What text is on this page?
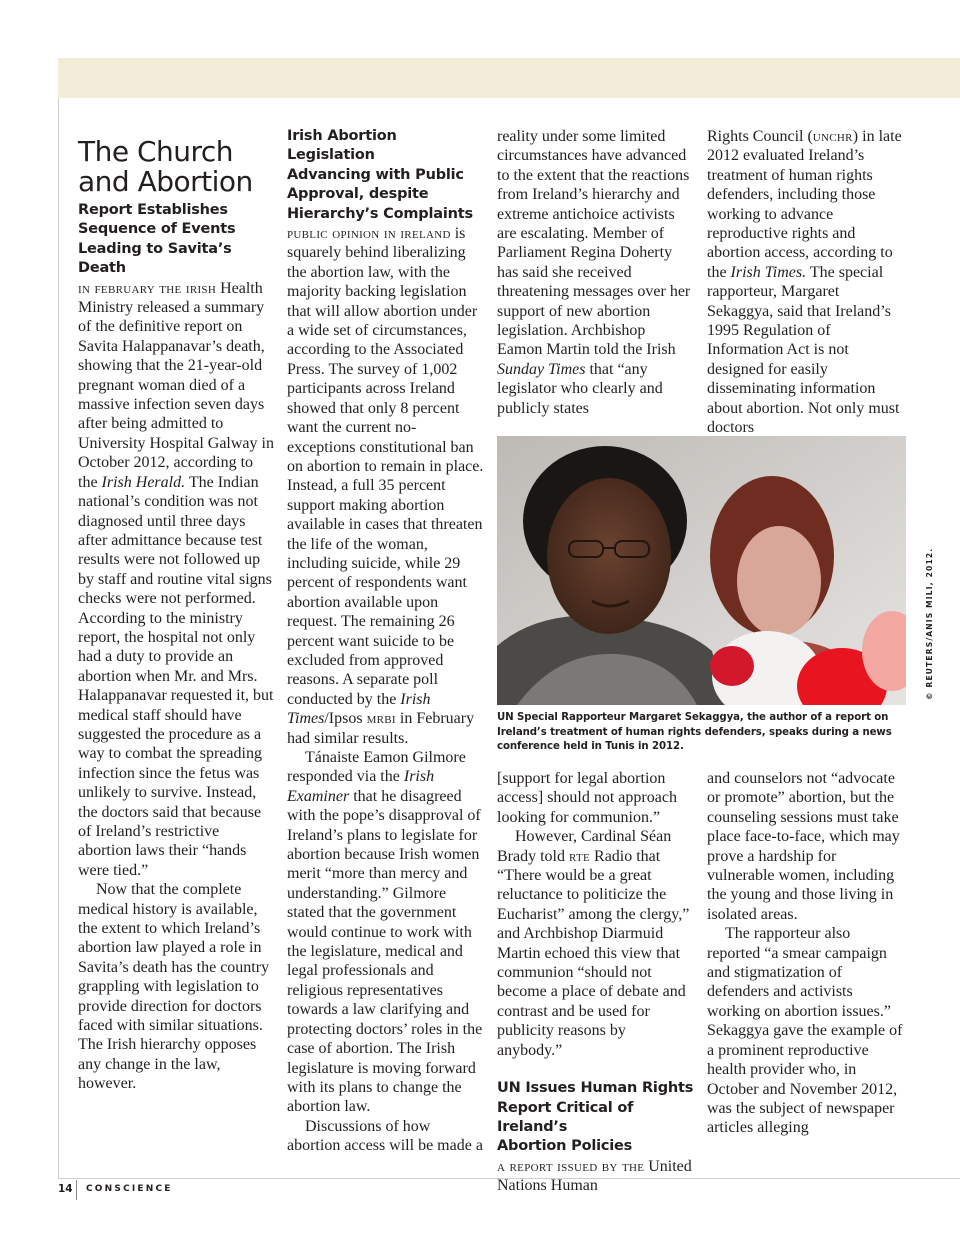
The Church
and Abortion
Report Establishes
Sequence of Events
Leading to Savita’s Death

in february the irish Health Ministry released a summary of the definitive report on Savita Halappanavar’s death, showing that the 21-year-old pregnant woman died of a massive infection seven days after being admitted to University Hospital Galway in October 2012, according to the Irish Herald. The Indian national’s condition was not diagnosed until three days after admittance because test results were not followed up by staff and routine vital signs checks were not performed. According to the ministry report, the hospital not only had a duty to provide an abortion when Mr. and Mrs. Halappanavar requested it, but medical staff should have suggested the procedure as a way to combat the spreading infection since the fetus was unlikely to survive. Instead, the doctors said that because of Ireland’s restrictive abortion laws their “hands were tied.”

Now that the complete medical history is available, the extent to which Ireland’s abortion law played a role in Savita’s death has the country grappling with legislation to provide direction for doctors faced with similar situations. The Irish hierarchy opposes any change in the law, however.

Irish Abortion Legislation
Advancing with Public
Approval, despite
Hierarchy’s Complaints

public opinion in ireland is squarely behind liberalizing the abortion law, with the majority backing legislation that will allow abortion under a wide set of circumstances, according to the Associated Press. The survey of 1,002 participants across Ireland showed that only 8 percent want the current no-exceptions constitutional ban on abortion to remain in place. Instead, a full 35 percent support making abortion available in cases that threaten the life of the woman, including suicide, while 29 percent of respondents want abortion available upon request. The remaining 26 percent want suicide to be excluded from approved reasons. A separate poll conducted by the Irish Times/Ipsos mrbi in February had similar results.

Tánaiste Eamon Gilmore responded via the Irish Examiner that he disagreed with the pope’s disapproval of Ireland’s plans to legislate for abortion because Irish women merit “more than mercy and understanding.” Gilmore stated that the government would continue to work with the legislature, medical and legal professionals and religious representatives towards a law clarifying and protecting doctors’ roles in the case of abortion. The Irish legislature is moving forward with its plans to change the abortion law.

Discussions of how abortion access will be made a

reality under some limited circumstances have advanced to the extent that the reactions from Ireland’s hierarchy and extreme antichoice activists are escalating. Member of Parliament Regina Doherty has said she received threatening messages over her support of new abortion legislation. Archbishop Eamon Martin told the Irish Sunday Times that “any legislator who clearly and publicly states

Rights Council (unchr) in late 2012 evaluated Ireland’s treatment of human rights defenders, including those working to advance reproductive rights and abortion access, according to the Irish Times. The special rapporteur, Margaret Sekaggya, said that Ireland’s 1995 Regulation of Information Act is not designed for easily disseminating information about abortion. Not only must doctors

© REUTERS/ANIS MILI, 2012.
UN Special Rapporteur Margaret Sekaggya, the author of a report on Ireland’s treatment of human rights defenders, speaks during a news conference held in Tunis in 2012.

[support for legal abortion access] should not approach looking for communion.”

However, Cardinal Séan Brady told rte Radio that “There would be a great reluctance to politicize the Eucharist” among the clergy,” and Archbishop Diarmuid Martin echoed this view that communion “should not become a place of debate and contrast and be used for publicity reasons by anybody.”

UN Issues Human Rights
Report Critical of Ireland’s
Abortion Policies

a report issued by the United Nations Human

and counselors not “advocate or promote” abortion, but the counseling sessions must take place face-to-face, which may prove a hardship for vulnerable women, including the young and those living in isolated areas.

The rapporteur also reported “a smear campaign and stigmatization of defenders and activists working on abortion issues.” Sekaggya gave the example of a prominent reproductive health provider who, in October and November 2012, was the subject of newspaper articles alleging

14 CONSCIENCE
